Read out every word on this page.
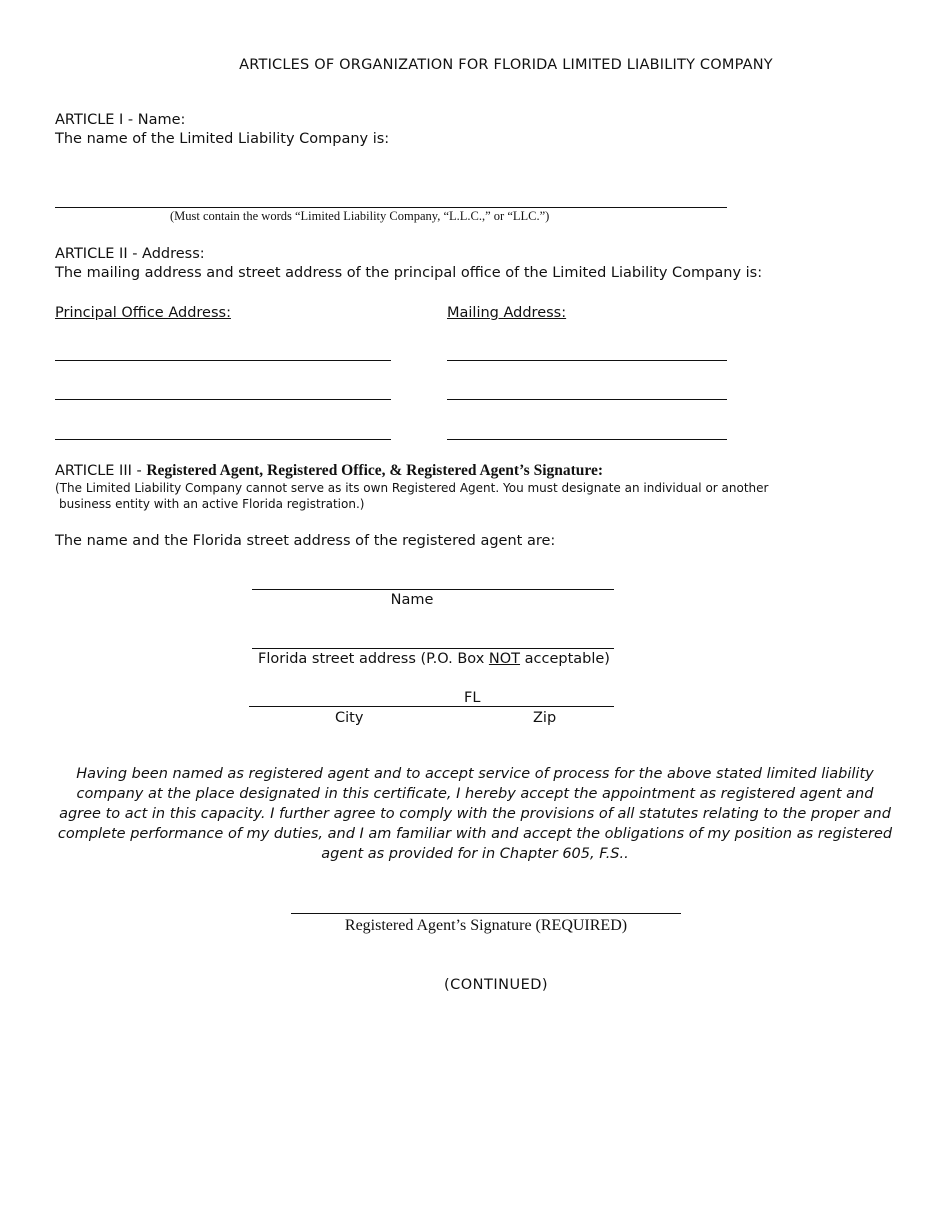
ARTICLES OF ORGANIZATION FOR FLORIDA LIMITED LIABILITY COMPANY
ARTICLE I - Name:
The name of the Limited Liability Company is:
(Must contain the words “Limited Liability Company, “L.L.C.,” or “LLC.”)
ARTICLE II - Address:
The mailing address and street address of the principal office of the Limited Liability Company is:
Principal Office Address:	Mailing Address:
ARTICLE III - Registered Agent, Registered Office, & Registered Agent’s Signature:
(The Limited Liability Company cannot serve as its own Registered Agent. You must designate an individual or another
business entity with an active Florida registration.)
The name and the Florida street address of the registered agent are:
Name
Florida street address (P.O. Box NOT acceptable)
FL
City	Zip
Having been named as registered agent and to accept service of process for the above stated limited liability company at the place designated in this certificate, I hereby accept the appointment as registered agent and agree to act in this capacity. I further agree to comply with the provisions of all statutes relating to the proper and complete performance of my duties, and I am familiar with and accept the obligations of my position as registered agent as provided for in Chapter 605, F.S..
Registered Agent’s Signature (REQUIRED)
(CONTINUED)
